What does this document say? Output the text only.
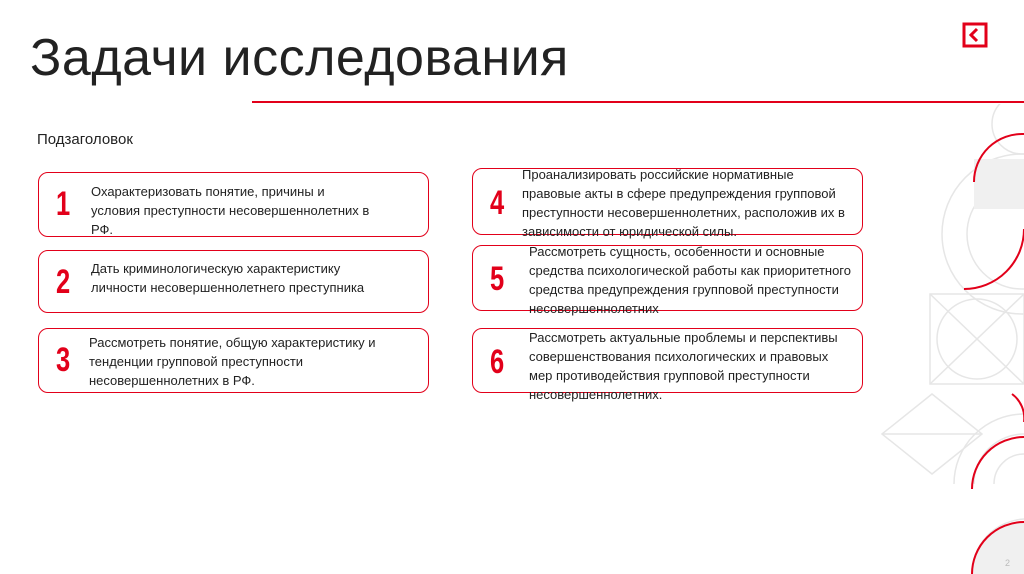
Задачи исследования
Подзаголовок
1 Охарактеризовать понятие, причины и
условия преступности несовершеннолетних в
РФ.
2 Дать криминологическую характеристику
личности несовершеннолетнего преступника
3 Рассмотреть понятие, общую характеристику и
тенденции групповой преступности
несовершеннолетних в РФ.
4
Проанализировать российские нормативные
правовые акты в сфере предупреждения групповой
преступности несовершеннолетних, расположив их в
зависимости от юридической силы.
5
Рассмотреть сущность, особенности и основные
средства психологической работы как приоритетного
средства предупреждения групповой преступности
несовершеннолетних
6
Рассмотреть актуальные проблемы и перспективы
совершенствования психологических и правовых
мер противодействия групповой преступности
несовершеннолетних.
2
